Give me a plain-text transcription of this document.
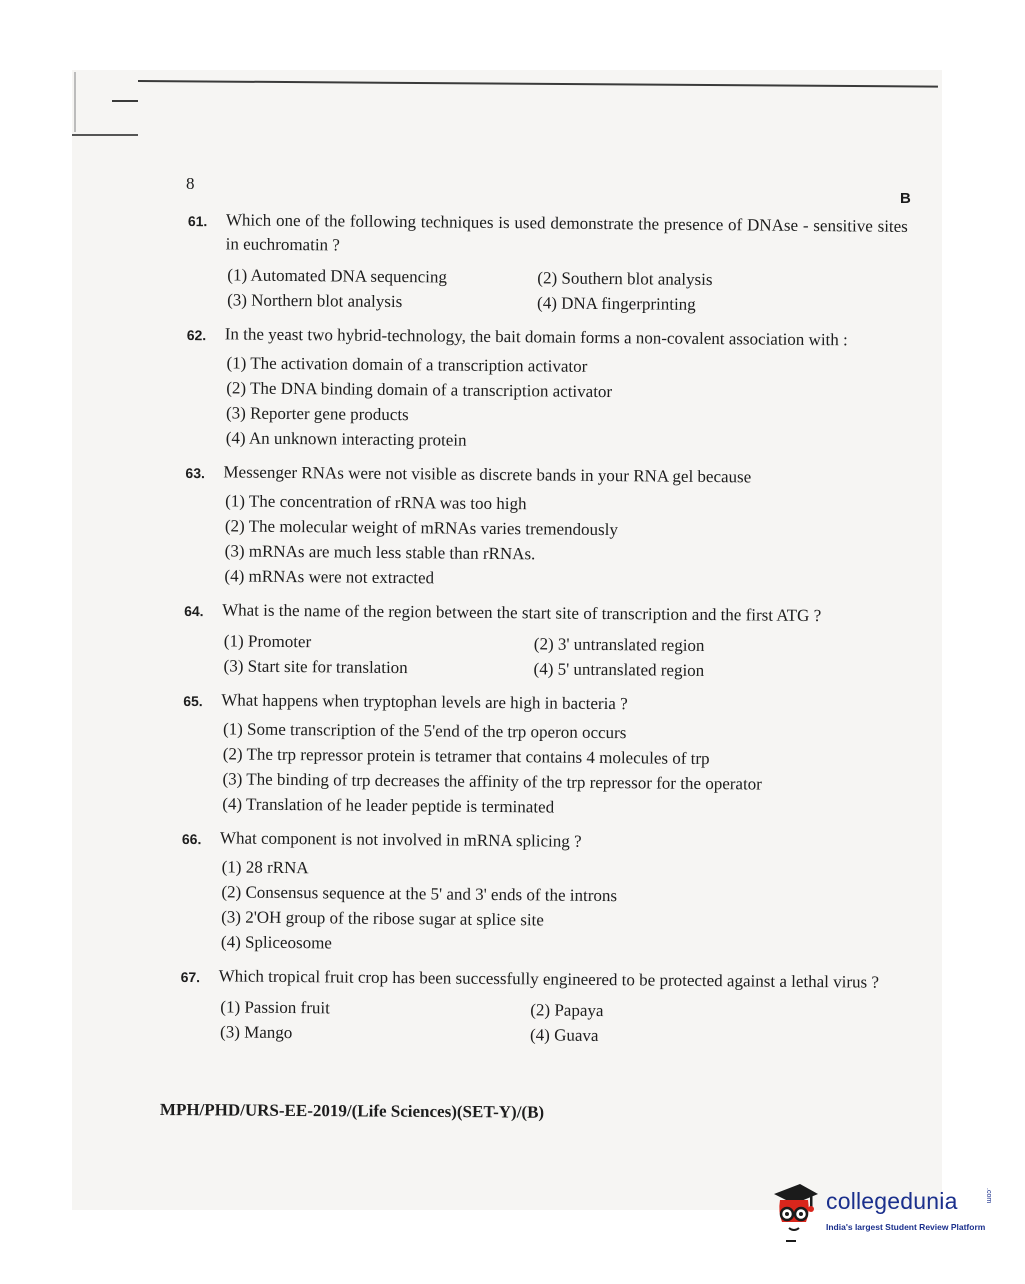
8
B
61. Which one of the following techniques is used demonstrate the presence of DNAse - sensitive sites in euchromatin ?
(1) Automated DNA sequencing	(2) Southern blot analysis
(3) Northern blot analysis	(4) DNA fingerprinting
62. In the yeast two hybrid-technology, the bait domain forms a non-covalent association with :
(1) The activation domain of a transcription activator
(2) The DNA binding domain of a transcription activator
(3) Reporter gene products
(4) An unknown interacting protein
63. Messenger RNAs were not visible as discrete bands in your RNA gel because
(1) The concentration of rRNA was too high
(2) The molecular weight of mRNAs varies tremendously
(3) mRNAs are much less stable than rRNAs.
(4) mRNAs were not extracted
64. What is the name of the region between the start site of transcription and the first ATG ?
(1) Promoter	(2) 3' untranslated region
(3) Start site for translation	(4) 5' untranslated region
65. What happens when tryptophan levels are high in bacteria ?
(1) Some transcription of the 5'end of the trp operon occurs
(2) The trp repressor protein is tetramer that contains 4 molecules of trp
(3) The binding of trp decreases the affinity of the trp repressor for the operator
(4) Translation of he leader peptide is terminated
66. What component is not involved in mRNA splicing ?
(1) 28 rRNA
(2) Consensus sequence at the 5' and 3' ends of the introns
(3) 2'OH group of the ribose sugar at splice site
(4) Spliceosome
67. Which tropical fruit crop has been successfully engineered to be protected against a lethal virus ?
(1) Passion fruit	(2) Papaya
(3) Mango	(4) Guava
MPH/PHD/URS-EE-2019/(Life Sciences)(SET-Y)/(B)
collegedunia	.com
India's largest Student Review Platform
